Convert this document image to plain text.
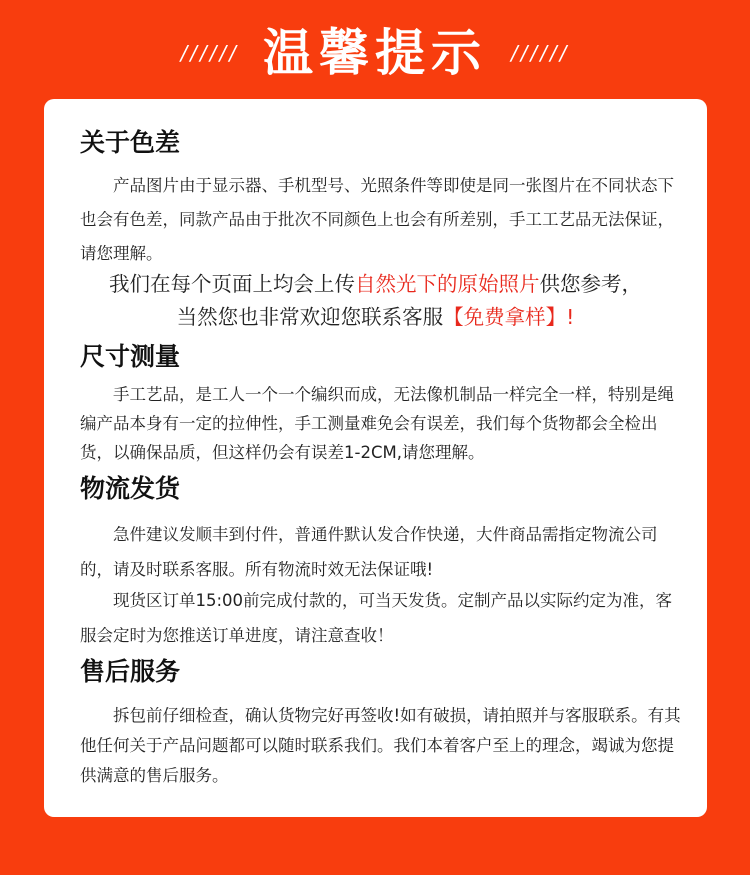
////// 温馨提示 //////
关于色差

产品图片由于显示器、手机型号、光照条件等即使是同一张图片在不同状态下也会有色差，同款产品由于批次不同颜色上也会有所差别，手工工艺品无法保证，请您理解。

我们在每个页面上均会上传自然光下的原始照片供您参考，

当然您也非常欢迎您联系客服【免费拿样】!

尺寸测量

手工艺品，是工人一个一个编织而成，无法像机制品一样完全一样，特别是绳编产品本身有一定的拉伸性，手工测量难免会有误差，我们每个货物都会全检出货，以确保品质，但这样仍会有误差1-2CM,请您理解。

物流发货

急件建议发顺丰到付件，普通件默认发合作快递，大件商品需指定物流公司的，请及时联系客服。所有物流时效无法保证哦!

现货区订单15:00前完成付款的，可当天发货。定制产品以实际约定为准，客服会定时为您推送订单进度，请注意查收！

售后服务

拆包前仔细检查，确认货物完好再签收!如有破损，请拍照并与客服联系。有其他任何关于产品问题都可以随时联系我们。我们本着客户至上的理念，竭诚为您提供满意的售后服务。
